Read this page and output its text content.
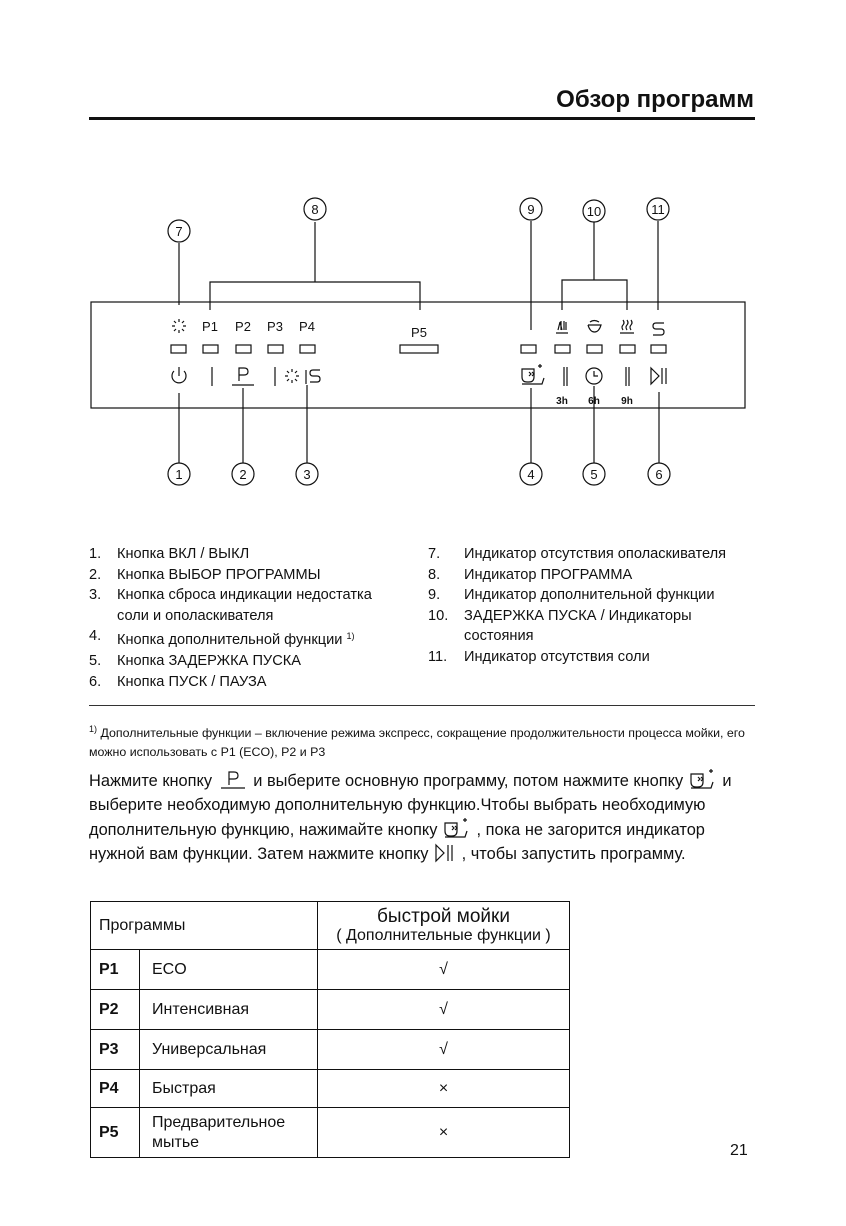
Обзор программ
7
8	9	10	11
1	2	3	4	5	6
P1 P2 P3 P4	P5
3h 6h 9h
1.	Кнопка ВКЛ / ВЫКЛ
2.	Кнопка ВЫБОР ПРОГРАММЫ
3.	Кнопка сброса индикации недостатка
соли и ополаскивателя
4.	Кнопка дополнительной функции $^{1)}$
5.	Кнопка ЗАДЕРЖКА ПУСКА
6.	Кнопка ПУСК / ПАУЗА
7.	Индикатор отсутствия ополаскивателя
8.	Индикатор ПРОГРАММА
9.	Индикатор дополнительной функции
10.	ЗАДЕРЖКА ПУСКА / Индикаторы
состояния
11.	Индикатор отсутствия соли
$^{1)}$ Дополнительные функции – включение режима экспресс, сокращение продолжительности процесса мойки, его можно использовать с P1 (ECO), P2 и P3
Нажмите кнопку	и выберите основную программу, потом нажмите кнопку и выберите необходимую дополнительную функцию.Чтобы выбрать необходимую дополнительную функцию, нажимайте кнопку , пока не загорится индикатор нужной вам функции. Затем нажмите кнопку , чтобы запустить программу.
Программы		быстрой мойки
( Дополнительные функции )

P1	ECO	√
P2	Интенсивная	√
P3	Универсальная	√
P4	Быстрая	×
P5	Предварительное мытье	×
21
